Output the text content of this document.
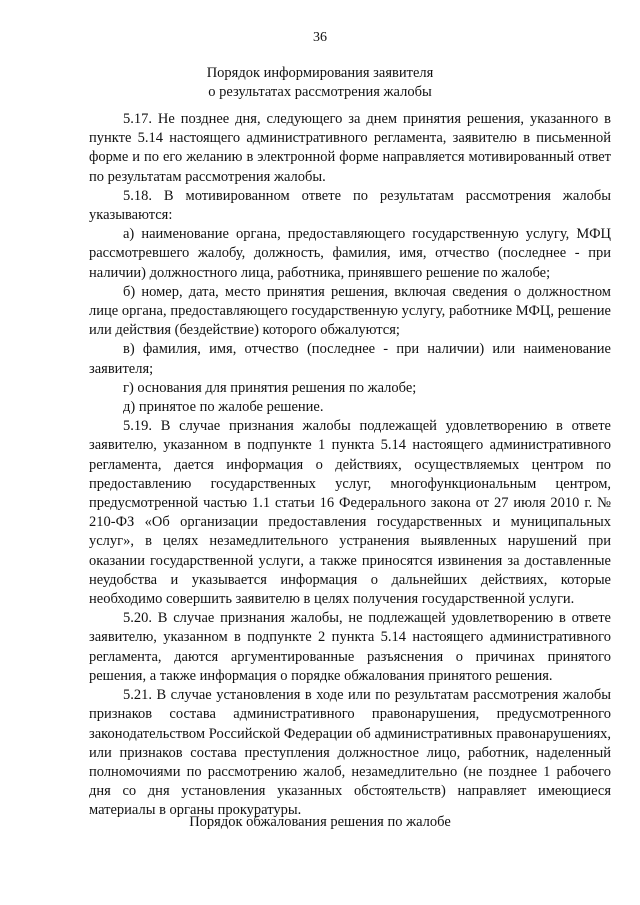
36
Порядок информирования заявителя
о результатах рассмотрения жалобы

5.17. Не позднее дня, следующего за днем принятия решения, указанного в пункте 5.14 настоящего административного регламента, заявителю в письменной форме и по его желанию в электронной форме направляется мотивированный ответ по результатам рассмотрения жалобы.

5.18. В мотивированном ответе по результатам рассмотрения жалобы указываются:

а) наименование органа, предоставляющего государственную услугу, МФЦ рассмотревшего жалобу, должность, фамилия, имя, отчество (последнее - при наличии) должностного лица, работника, принявшего решение по жалобе;

б) номер, дата, место принятия решения, включая сведения о должностном лице органа, предоставляющего государственную услугу, работнике МФЦ, решение или действия (бездействие) которого обжалуются;

в) фамилия, имя, отчество (последнее - при наличии) или наименование заявителя;

г) основания для принятия решения по жалобе;

д) принятое по жалобе решение.

5.19. В случае признания жалобы подлежащей удовлетворению в ответе заявителю, указанном в подпункте 1 пункта 5.14 настоящего административного регламента, дается информация о действиях, осуществляемых центром по предоставлению государственных услуг, многофункциональным центром, предусмотренной частью 1.1 статьи 16 Федерального закона от 27 июля 2010 г. № 210-ФЗ «Об организации предоставления государственных и муниципальных услуг», в целях незамедлительного устранения выявленных нарушений при оказании государственной услуги, а также приносятся извинения за доставленные неудобства и указывается информация о дальнейших действиях, которые необходимо совершить заявителю в целях получения государственной услуги.

5.20. В случае признания жалобы, не подлежащей удовлетворению в ответе заявителю, указанном в подпункте 2 пункта 5.14 настоящего административного регламента, даются аргументированные разъяснения о причинах принятого решения, а также информация о порядке обжалования принятого решения.

5.21. В случае установления в ходе или по результатам рассмотрения жалобы признаков состава административного правонарушения, предусмотренного законодательством Российской Федерации об административных правонарушениях, или признаков состава преступления должностное лицо, работник, наделенный полномочиями по рассмотрению жалоб, незамедлительно (не позднее 1 рабочего дня со дня установления указанных обстоятельств) направляет имеющиеся материалы в органы прокуратуры.

Порядок обжалования решения по жалобе
